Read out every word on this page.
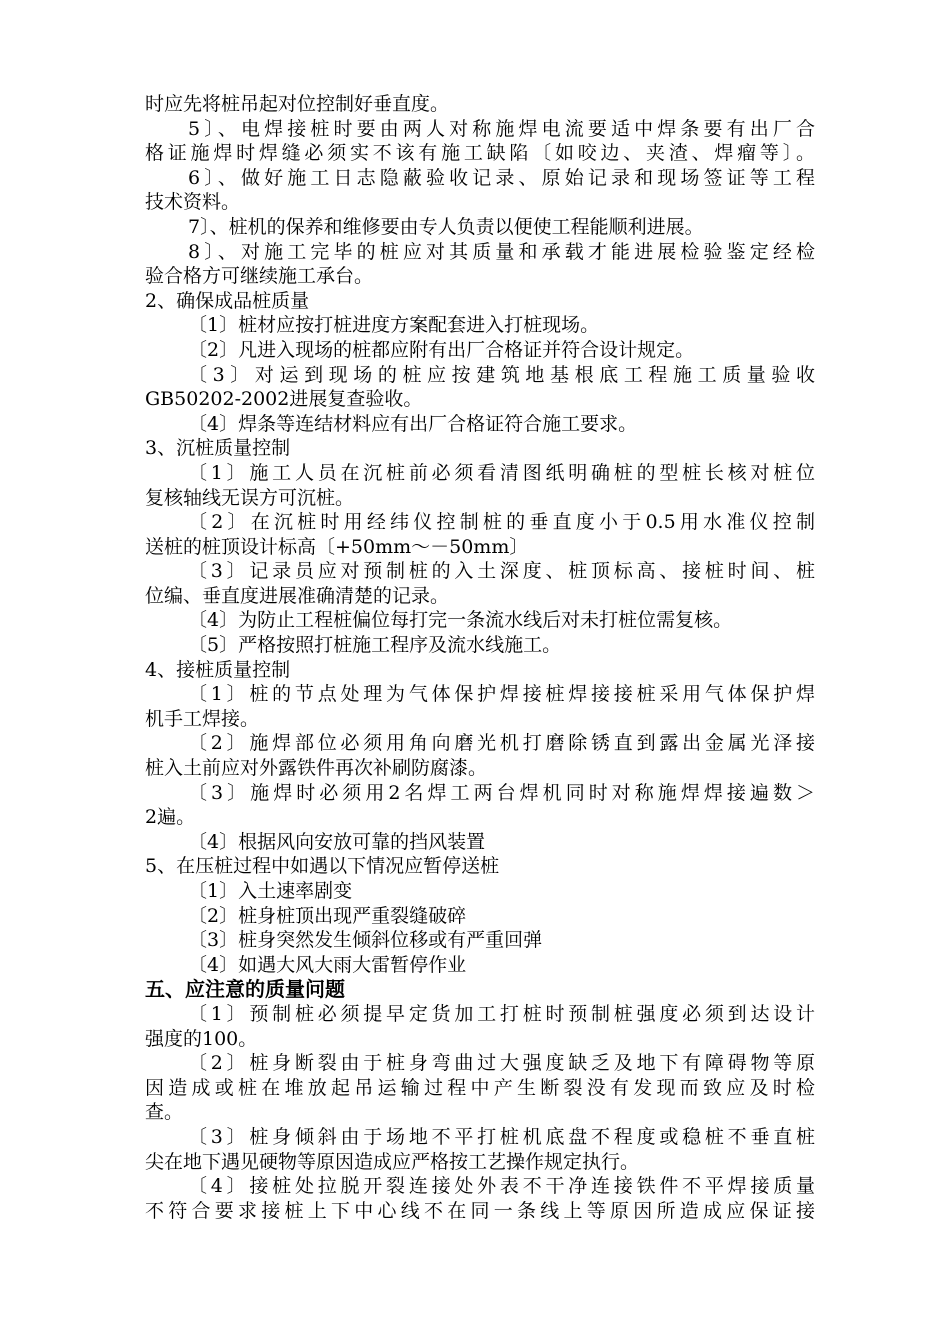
时应先将桩吊起对位控制好垂直度。
5〕、电焊接桩时要由两人对称施焊电流要适中焊条要有出厂合
格证施焊时焊缝必须实不该有施工缺陷〔如咬边、夹渣、焊瘤等〕。
6〕、做好施工日志隐蔽验收记录、原始记录和现场签证等工程
技术资料。
7〕、桩机的保养和维修要由专人负责以便使工程能顺利进展。
8〕、对施工完毕的桩应对其质量和承载才能进展检验鉴定经检
验合格方可继续施工承台。
2、确保成品桩质量
〔1〕桩材应按打桩进度方案配套进入打桩现场。
〔2〕凡进入现场的桩都应附有出厂合格证并符合设计规定。
〔3〕对运到现场的桩应按建筑地基根底工程施工质量验收
GB50202-2002进展复查验收。
〔4〕焊条等连结材料应有出厂合格证符合施工要求。
3、沉桩质量控制
〔1〕施工人员在沉桩前必须看清图纸明确桩的型桩长核对桩位
复核轴线无误方可沉桩。
〔2〕在沉桩时用经纬仪控制桩的垂直度小于0.5用水准仪控制
送桩的桩顶设计标高〔+50mm～－50mm〕
〔3〕记录员应对预制桩的入土深度、桩顶标高、接桩时间、桩
位编、垂直度进展准确清楚的记录。
〔4〕为防止工程桩偏位每打完一条流水线后对未打桩位需复核。
〔5〕严格按照打桩施工程序及流水线施工。
4、接桩质量控制
〔1〕桩的节点处理为气体保护焊接桩焊接接桩采用气体保护焊
机手工焊接。
〔2〕施焊部位必须用角向磨光机打磨除锈直到露出金属光泽接
桩入土前应对外露铁件再次补刷防腐漆。
〔3〕施焊时必须用2名焊工两台焊机同时对称施焊焊接遍数＞
2遍。
〔4〕根据风向安放可靠的挡风装置
5、在压桩过程中如遇以下情况应暂停送桩
〔1〕入土速率剧变
〔2〕桩身桩顶出现严重裂缝破碎
〔3〕桩身突然发生倾斜位移或有严重回弹
〔4〕如遇大风大雨大雷暂停作业
五、应注意的质量问题
〔1〕预制桩必须提早定货加工打桩时预制桩强度必须到达设计
强度的100。
〔2〕桩身断裂由于桩身弯曲过大强度缺乏及地下有障碍物等原
因造成或桩在堆放起吊运输过程中产生断裂没有发现而致应及时检
查。
〔3〕桩身倾斜由于场地不平打桩机底盘不程度或稳桩不垂直桩
尖在地下遇见硬物等原因造成应严格按工艺操作规定执行。
〔4〕接桩处拉脱开裂连接处外表不干净连接铁件不平焊接质量
不符合要求接桩上下中心线不在同一条线上等原因所造成应保证接
